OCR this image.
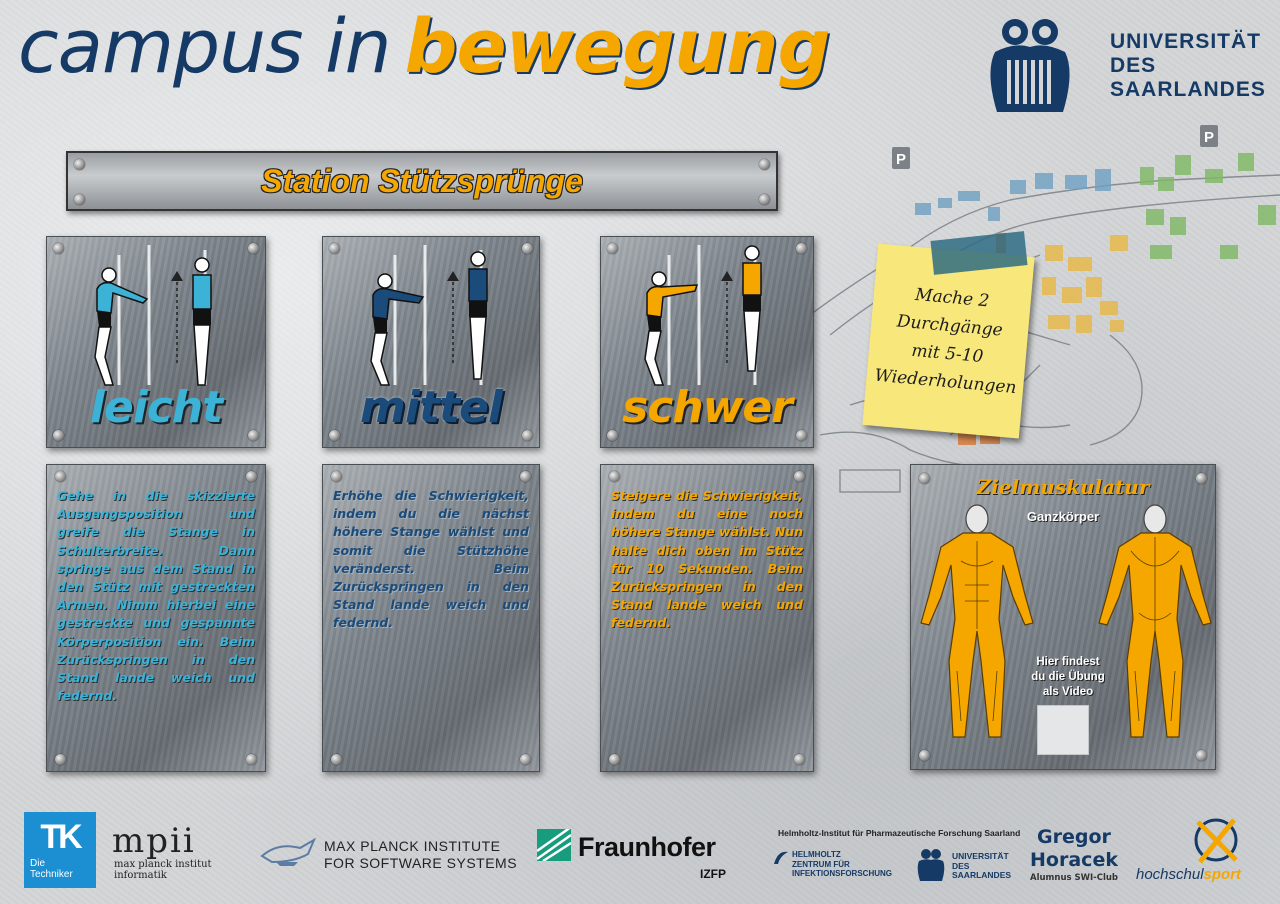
campus in bewegung	UNIVERSITÄT
DES
SAARLANDES
P
P
Station Stützsprünge
leicht	mittel	schwer
Gehe in die skizzierte Ausgangsposition und greife die Stange in Schulterbreite. Dann springe aus dem Stand in den Stütz mit gestreckten Armen. Nimm hierbei eine gestreckte und gespannte Körperposition ein. Beim Zurückspringen in den Stand lande weich und federnd.
Erhöhe die Schwierigkeit, indem du die nächst höhere Stange wählst und somit die Stützhöhe veränderst. Beim Zurückspringen in den Stand lande weich und federnd.
Steigere die Schwierigkeit, indem du eine noch höhere Stange wählst. Nun halte dich oben im Stütz für 10 Sekunden. Beim Zurückspringen in den Stand lande weich und federnd.
Mache 2
Durchgänge
mit 5-10
Wiederholungen
Zielmuskulatur
Ganzkörper
Hier findest
du die Übung
als Video
TK
Die
Techniker
mpii
max planck institut
informatik
MAX PLANCK INSTITUTE
FOR SOFTWARE SYSTEMS
Fraunhofer
IZFP
Helmholtz-Institut für Pharmazeutische Forschung Saarland
HELMHOLTZ
ZENTRUM FÜR
INFEKTIONSFORSCHUNG
UNIVERSITÄT
DES
SAARLANDES
Gregor
Horacek
Alumnus SWI-Club hochschulsport
